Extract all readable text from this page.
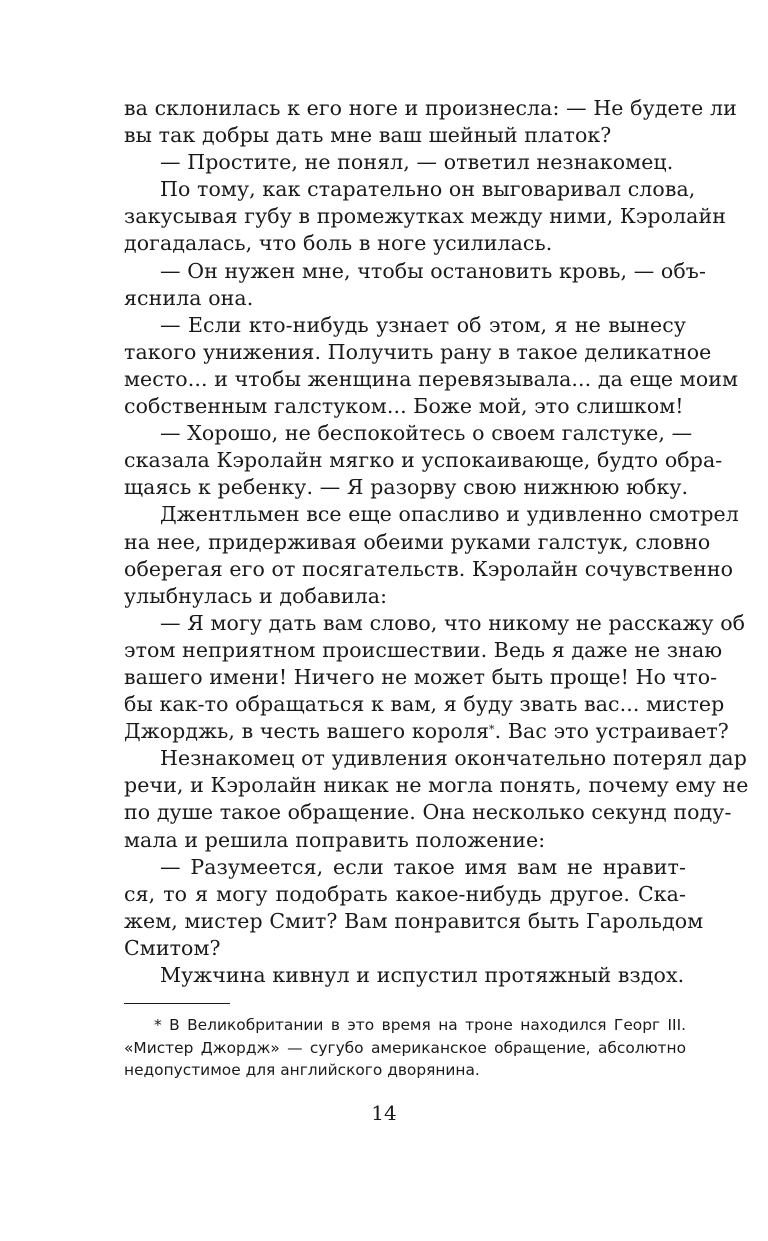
ва склонилась к его ноге и произнесла: — Не будете ли
вы так добры дать мне ваш шейный платок?
— Простите, не понял, — ответил незнакомец.
По тому, как старательно он выговаривал слова,
закусывая губу в промежутках между ними, Кэролайн
догадалась, что боль в ноге усилилась.
— Он нужен мне, чтобы остановить кровь, — объ-
яснила она.
— Если кто-нибудь узнает об этом, я не вынесу
такого унижения. Получить рану в такое деликатное
место... и чтобы женщина перевязывала... да еще моим
собственным галстуком... Боже мой, это слишком!
— Хорошо, не беспокойтесь о своем галстуке, —
сказала Кэролайн мягко и успокаивающе, будто обра-
щаясь к ребенку. — Я разорву свою нижнюю юбку.
Джентльмен все еще опасливо и удивленно смотрел
на нее, придерживая обеими руками галстук, словно
оберегая его от посягательств. Кэролайн сочувственно
улыбнулась и добавила:
— Я могу дать вам слово, что никому не расскажу об
этом неприятном происшествии. Ведь я даже не знаю
вашего имени! Ничего не может быть проще! Но что-
бы как-то обращаться к вам, я буду звать вас... мистер
Джорджь, в честь вашего короля*. Вас это устраивает?
Незнакомец от удивления окончательно потерял дар
речи, и Кэролайн никак не могла понять, почему ему не
по душе такое обращение. Она несколько секунд поду-
мала и решила поправить положение:
— Разумеется, если такое имя вам не нравит-
ся, то я могу подобрать какое-нибудь другое. Ска-
жем, мистер Смит? Вам понравится быть Гарольдом
Смитом?
Мужчина кивнул и испустил протяжный вздох.
* В Великобритании в это время на троне находился Георг III.
«Мистер Джордж» — сугубо американское обращение, абсолютно
недопустимое для английского дворянина.
14
